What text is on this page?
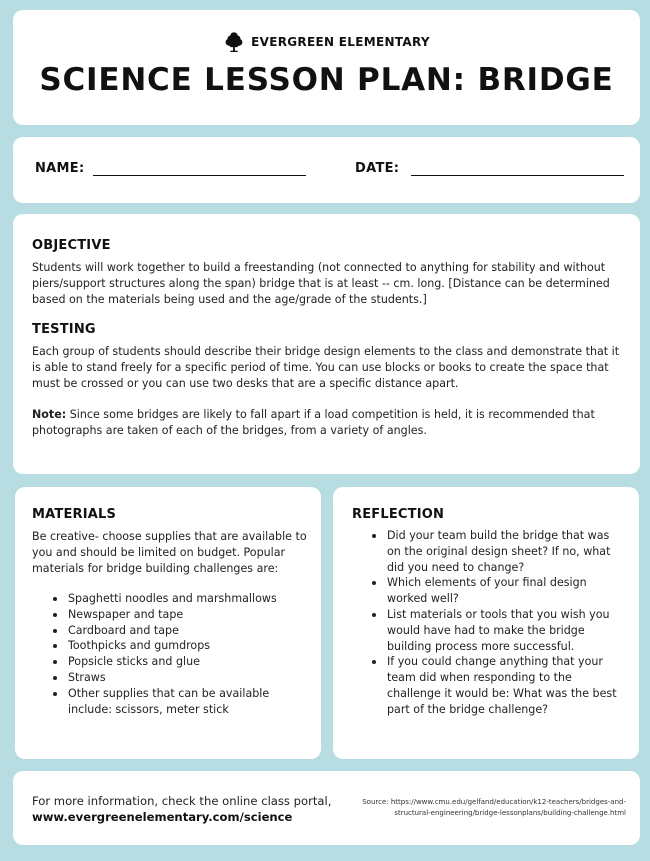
EVERGREEN ELEMENTARY
SCIENCE LESSON PLAN: BRIDGE
NAME:	DATE:
OBJECTIVE
Students will work together to build a freestanding (not connected to anything for stability and without piers/support structures along the span) bridge that is at least -- cm. long. [Distance can be determined based on the materials being used and the age/grade of the students.]
TESTING
Each group of students should describe their bridge design elements to the class and demonstrate that it is able to stand freely for a specific period of time. You can use blocks or books to create the space that must be crossed or you can use two desks that are a specific distance apart.
Note: Since some bridges are likely to fall apart if a load competition is held, it is recommended that photographs are taken of each of the bridges, from a variety of angles.
MATERIALS
Be creative- choose supplies that are available to you and should be limited on budget. Popular materials for bridge building challenges are:
Spaghetti noodles and marshmallows
Newspaper and tape
Cardboard and tape
Toothpicks and gumdrops
Popsicle sticks and glue
Straws
Other supplies that can be available include: scissors, meter stick
REFLECTION
Did your team build the bridge that was on the original design sheet? If no, what did you need to change?
Which elements of your final design worked well?
List materials or tools that you wish you would have had to make the bridge building process more successful.
If you could change anything that your team did when responding to the challenge it would be: What was the best part of the bridge challenge?
For more information, check the online class portal,
www.evergreenelementary.com/science
Source: https://www.cmu.edu/gelfand/education/k12-teachers/bridges-and-structural-engineering/bridge-lessonplans/building-challenge.html
